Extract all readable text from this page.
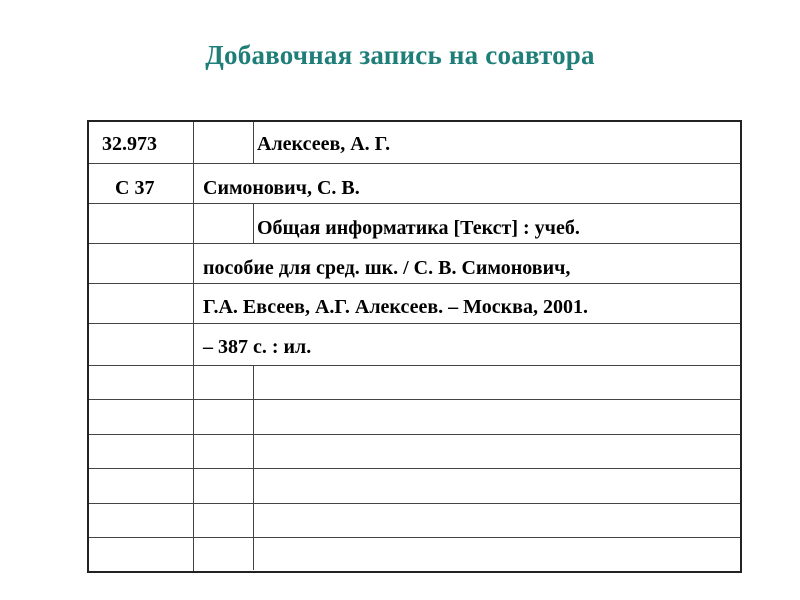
Добавочная запись на соавтора
32.973	Алексеев, А. Г.
С 37 Симонович, С. В.
Общая информатика [Текст] : учеб.
пособие для сред. шк. / С. В. Симонович,
Г.А. Евсеев, А.Г. Алексеев. – Москва, 2001.
– 387 с. : ил.
